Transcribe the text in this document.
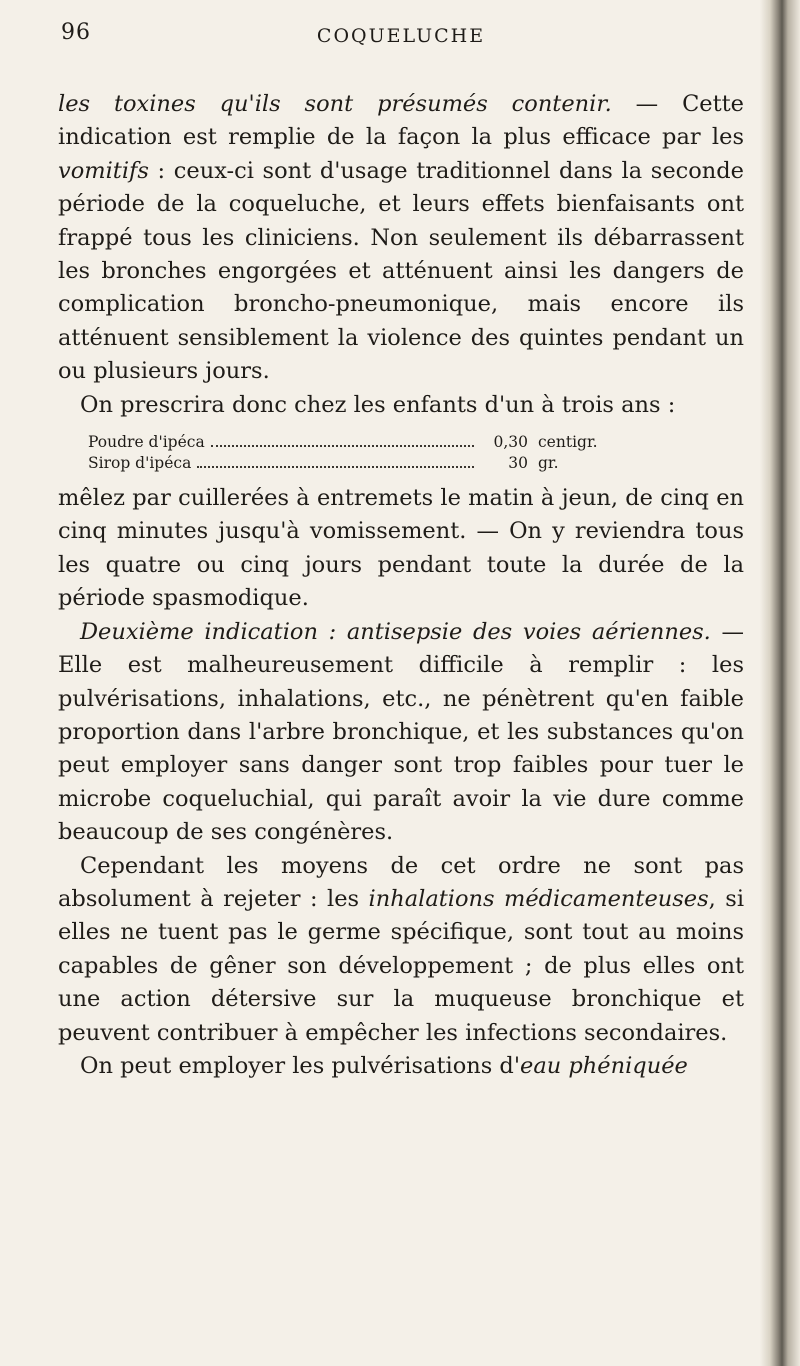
96	COQUELUCHE

les toxines qu'ils sont présumés contenir. — Cette indication est remplie de la façon la plus efficace par les vomitifs : ceux-ci sont d'usage traditionnel dans la seconde période de la coqueluche, et leurs effets bienfaisants ont frappé tous les cliniciens. Non seulement ils débarrassent les bronches engorgées et atténuent ainsi les dangers de complication broncho-pneumonique, mais encore ils atténuent sensiblement la violence des quintes pendant un ou plusieurs jours.

On prescrira donc chez les enfants d'un à trois ans :

Poudre d'ipéca	0,30 centigr.
Sirop d'ipéca	30 gr.

mêlez par cuillerées à entremets le matin à jeun, de cinq en cinq minutes jusqu'à vomissement. — On y reviendra tous les quatre ou cinq jours pendant toute la durée de la période spasmodique.

Deuxième indication : antisepsie des voies aériennes. — Elle est malheureusement difficile à remplir : les pulvérisations, inhalations, etc., ne pénètrent qu'en faible proportion dans l'arbre bronchique, et les substances qu'on peut employer sans danger sont trop faibles pour tuer le microbe coqueluchial, qui paraît avoir la vie dure comme beaucoup de ses congénères.

Cependant les moyens de cet ordre ne sont pas absolument à rejeter : les inhalations médicamenteuses, si elles ne tuent pas le germe spécifique, sont tout au moins capables de gêner son développement ; de plus elles ont une action détersive sur la muqueuse bronchique et peuvent contribuer à empêcher les infections secondaires.

On peut employer les pulvérisations d'eau phéniquée
